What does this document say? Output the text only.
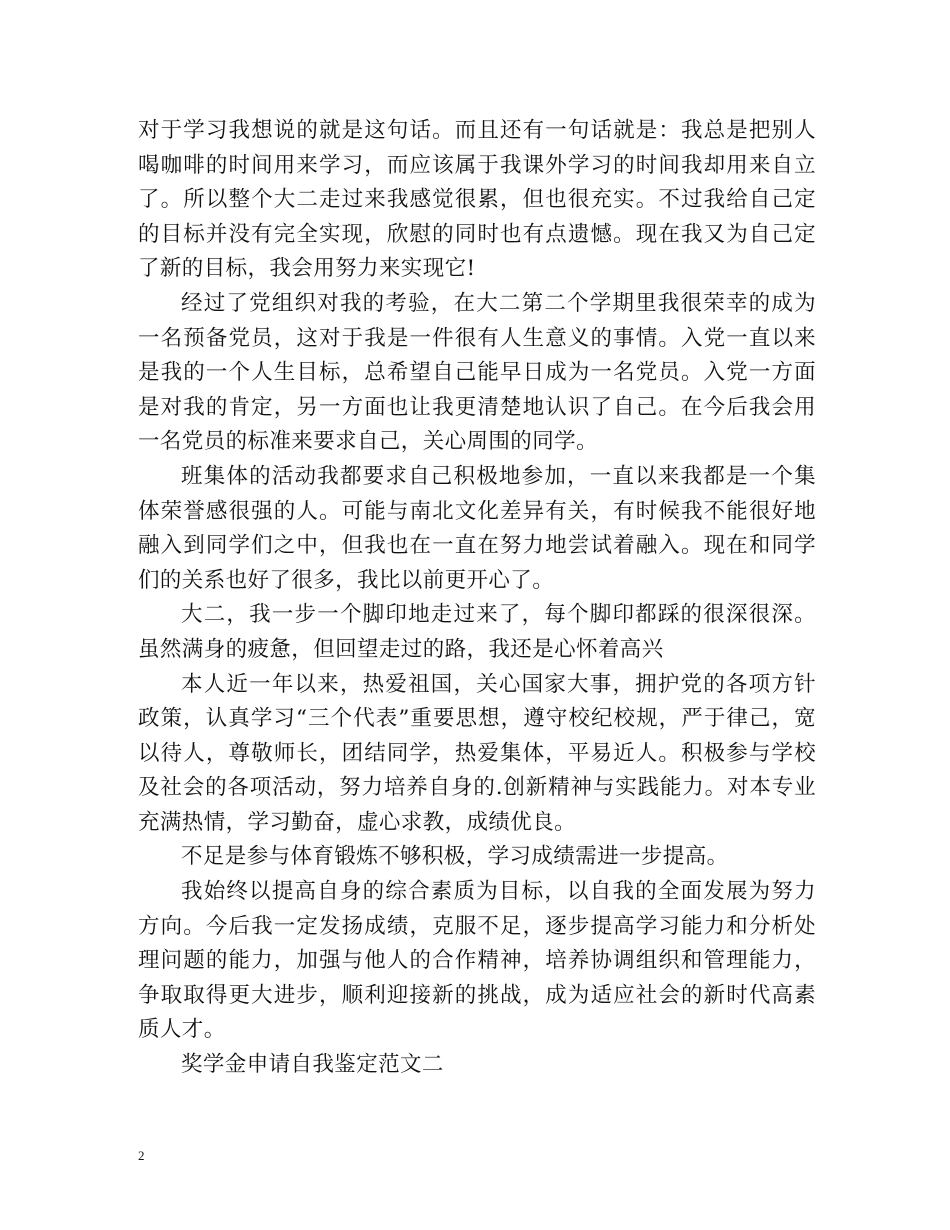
对于学习我想说的就是这句话。而且还有一句话就是：我总是把别人喝咖啡的时间用来学习，而应该属于我课外学习的时间我却用来自立了。所以整个大二走过来我感觉很累，但也很充实。不过我给自己定的目标并没有完全实现，欣慰的同时也有点遗憾。现在我又为自己定了新的目标，我会用努力来实现它!

经过了党组织对我的考验，在大二第二个学期里我很荣幸的成为一名预备党员，这对于我是一件很有人生意义的事情。入党一直以来是我的一个人生目标，总希望自己能早日成为一名党员。入党一方面是对我的肯定，另一方面也让我更清楚地认识了自己。在今后我会用一名党员的标准来要求自己，关心周围的同学。

班集体的活动我都要求自己积极地参加，一直以来我都是一个集体荣誉感很强的人。可能与南北文化差异有关，有时候我不能很好地融入到同学们之中，但我也在一直在努力地尝试着融入。现在和同学们的关系也好了很多，我比以前更开心了。

大二，我一步一个脚印地走过来了，每个脚印都踩的很深很深。虽然满身的疲惫，但回望走过的路，我还是心怀着高兴

本人近一年以来，热爱祖国，关心国家大事，拥护党的各项方针政策，认真学习“三个代表”重要思想，遵守校纪校规，严于律己，宽以待人，尊敬师长，团结同学，热爱集体，平易近人。积极参与学校及社会的各项活动，努力培养自身的.创新精神与实践能力。对本专业充满热情，学习勤奋，虚心求教，成绩优良。

不足是参与体育锻炼不够积极，学习成绩需进一步提高。

我始终以提高自身的综合素质为目标，以自我的全面发展为努力方向。今后我一定发扬成绩，克服不足，逐步提高学习能力和分析处理问题的能力，加强与他人的合作精神，培养协调组织和管理能力，争取取得更大进步，顺利迎接新的挑战，成为适应社会的新时代高素质人才。

奖学金申请自我鉴定范文二

2
